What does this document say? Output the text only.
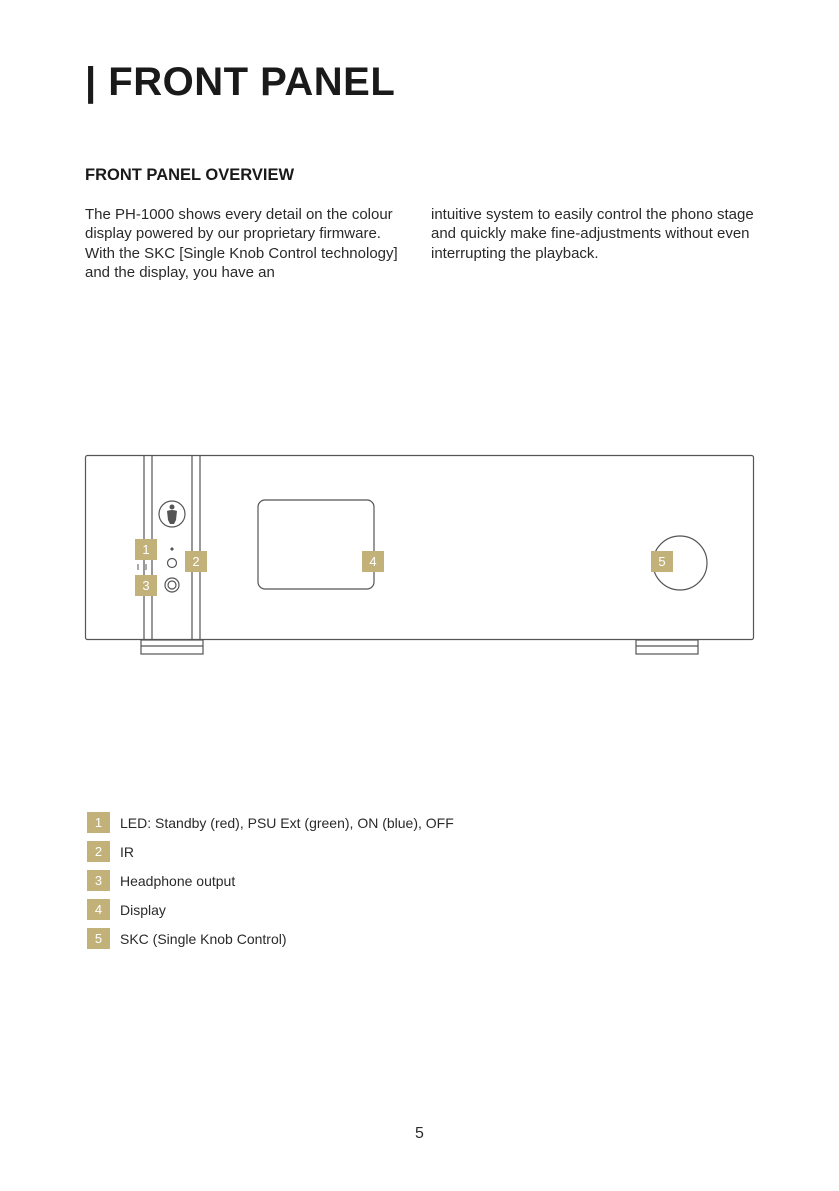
| FRONT PANEL
FRONT PANEL OVERVIEW

The PH-1000 shows every detail on the colour display powered by our proprietary firmware. With the SKC [Single Knob Control technology] and the display, you have an

intuitive system to easily control the phono stage and quickly make fine-adjustments without even interrupting the playback.

1
2
3
4	5
1	LED: Standby (red), PSU Ext (green), ON (blue), OFF
2	IR
3	Headphone output
4	Display
5	SKC (Single Knob Control)
5
